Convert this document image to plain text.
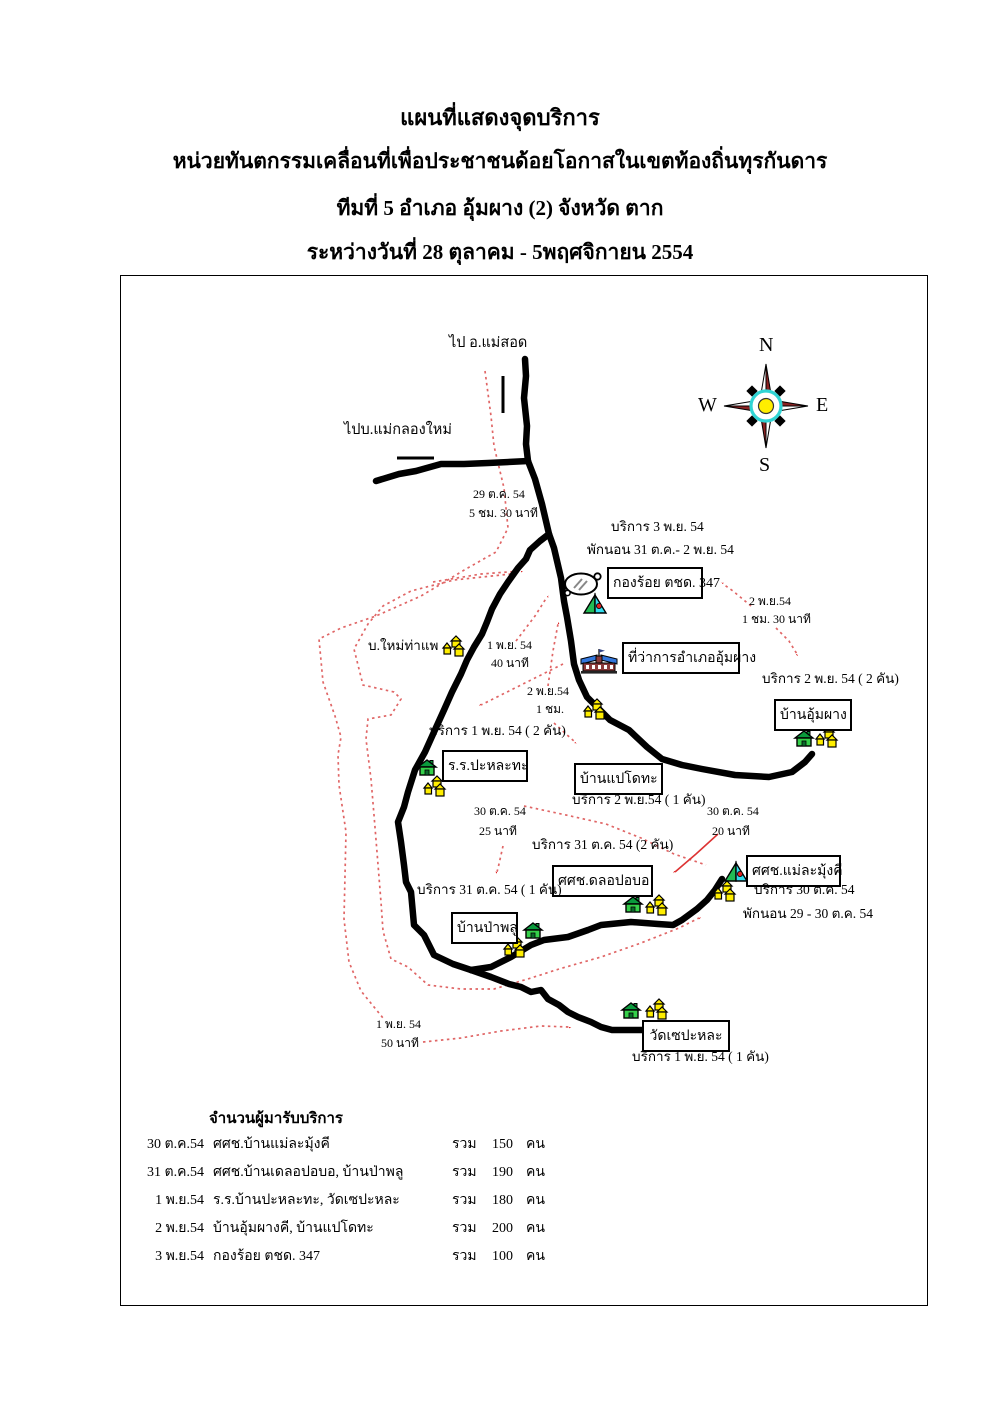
แผนที่แสดงจุดบริการ
หน่วยทันตกรรมเคลื่อนที่เพื่อประชาชนด้อยโอกาสในเขตท้องถิ่นทุรกันดาร
ทีมที่ 5 อำเภอ อุ้มผาง (2) จังหวัด ตาก
ระหว่างวันที่ 28 ตุลาคม - 5พฤศจิกายน 2554
N
W	E
S
ไป อ.แม่สอด
ไปบ.แม่กลองใหม่
กองร้อย ตชด. 347
ที่ว่าการอำเภออุ้มผาง
บ้านอุ้มผาง
ร.ร.ปะหละทะ
บ้านแปโดทะ
ศศช.ดลอปอบอ
บ้านป่าพลู
ศศช.แม่ละมุ้งคี
วัดเซปะหละ
29 ต.ค. 54
5 ชม. 30 นาที
บริการ 3 พ.ย. 54
พักนอน 31 ต.ค.- 2 พ.ย. 54
2 พ.ย.54
1 ชม. 30 นาที
บริการ 2 พ.ย. 54 ( 2 คัน)
บ.ใหม่ท่าแพ	1 พ.ย. 54
40 นาที
2 พ.ย.54
1 ชม.
บริการ 1 พ.ย. 54 ( 2 คัน)
บริการ 2 พ.ย.54 ( 1 คัน)
30 ต.ค. 54
25 นาที
30 ต.ค. 54
20 นาที
บริการ 31 ต.ค. 54 (2 คัน)
บริการ 31 ต.ค. 54 ( 1 คัน)	บริการ 30 ต.ค. 54
พักนอน 29 - 30 ต.ค. 54
1 พ.ย. 54
50 นาที
บริการ 1 พ.ย. 54 ( 1 คัน)
จำนวนผู้มารับบริการ
30 ต.ค.54 ศศช.บ้านแม่ละมุ้งคี	รวม 150 คน
31 ต.ค.54 ศศช.บ้านเดลอปอบอ, บ้านป่าพลู	รวม 190 คน
1 พ.ย.54 ร.ร.บ้านปะหละทะ, วัดเซปะหละ	รวม 180 คน
2 พ.ย.54 บ้านอุ้มผางคี, บ้านแปโดทะ	รวม 200 คน
3 พ.ย.54 กองร้อย ตชด. 347	รวม 100 คน
